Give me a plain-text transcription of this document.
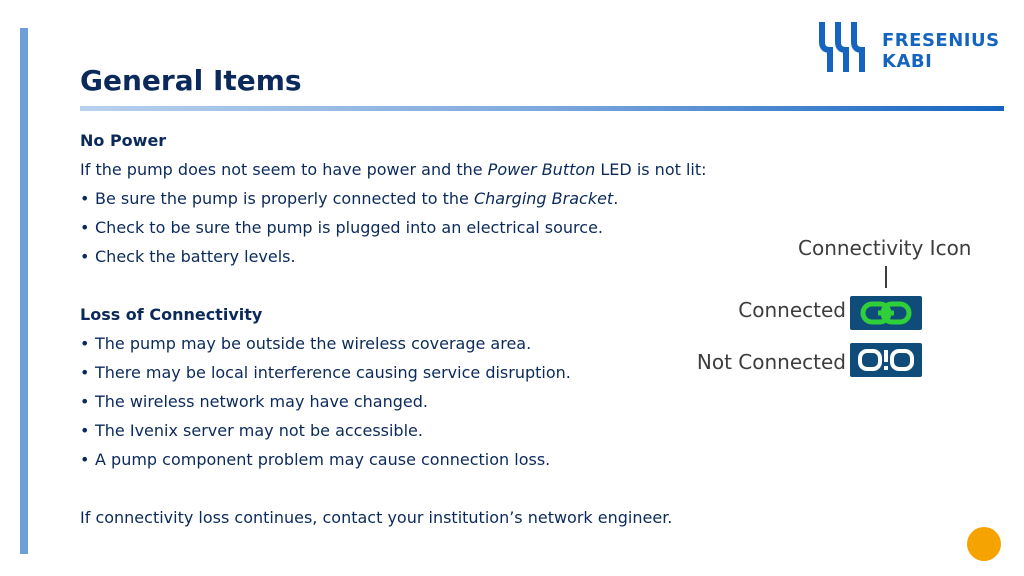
FRESENIUS
KABI
General Items
No Power
If the pump does not seem to have power and the Power Button LED is not lit:
• Be sure the pump is properly connected to the Charging Bracket.
• Check to be sure the pump is plugged into an electrical source.
• Check the battery levels.
Loss of Connectivity
• The pump may be outside the wireless coverage area.
• There may be local interference causing service disruption.
• The wireless network may have changed.
• The Ivenix server may not be accessible.
• A pump component problem may cause connection loss.
If connectivity loss continues, contact your institution’s network engineer.
Connectivity Icon
Connected
Not Connected
